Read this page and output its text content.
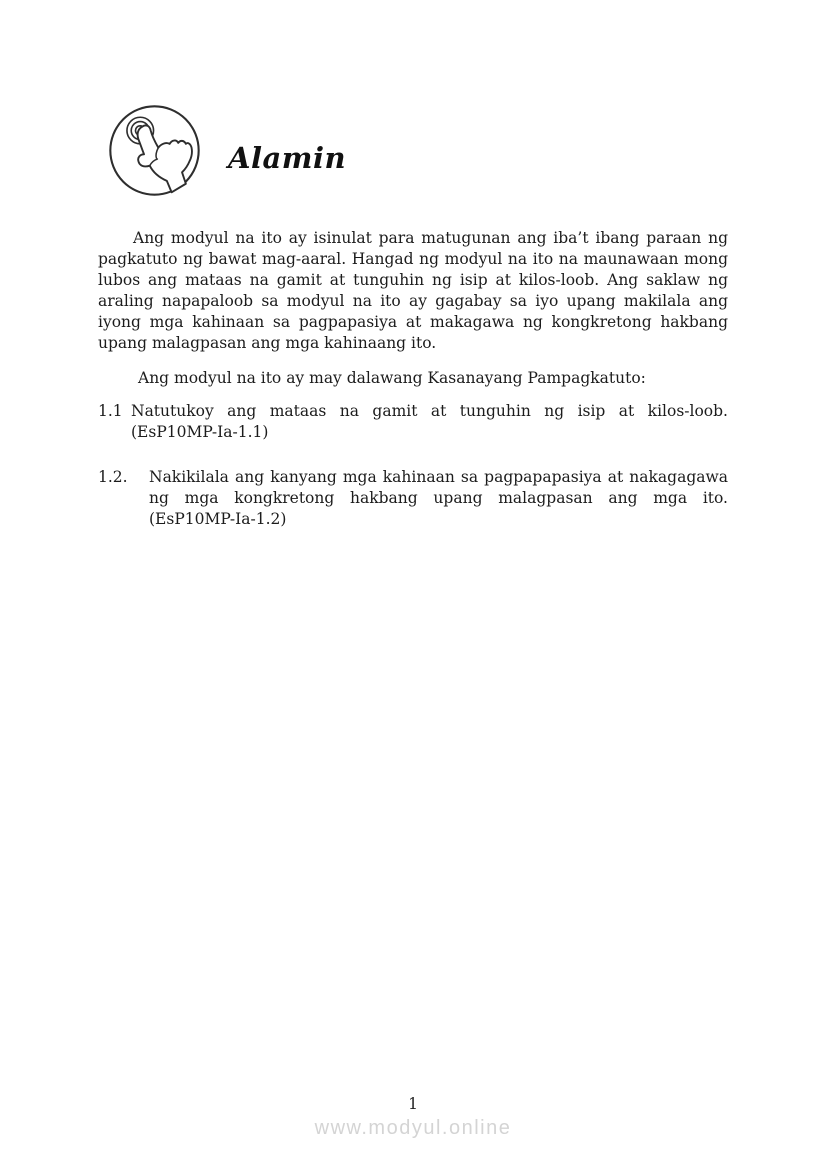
Alamin

Ang modyul na ito ay isinulat para matugunan ang iba’t ibang paraan ng pagkatuto ng bawat mag-aaral. Hangad ng modyul na ito na maunawaan mong lubos ang mataas na gamit at tunguhin ng isip at kilos-loob. Ang saklaw ng araling napapaloob sa modyul na ito ay gagabay sa iyo upang makilala ang iyong mga kahinaan sa pagpapasiya at makagawa ng kongkretong hakbang upang malagpasan ang mga kahinaang ito.

Ang modyul na ito ay may dalawang Kasanayang Pampagkatuto:

1.1 Natutukoy ang mataas na gamit at tunguhin ng isip at kilos-loob. (EsP10MP-Ia-1.1)
1.2.	Nakikilala ang kanyang mga kahinaan sa pagpapapasiya at nakagagawa ng mga kongkretong hakbang upang malagpasan ang mga ito. (EsP10MP-Ia-1.2)
1
www.modyul.online
